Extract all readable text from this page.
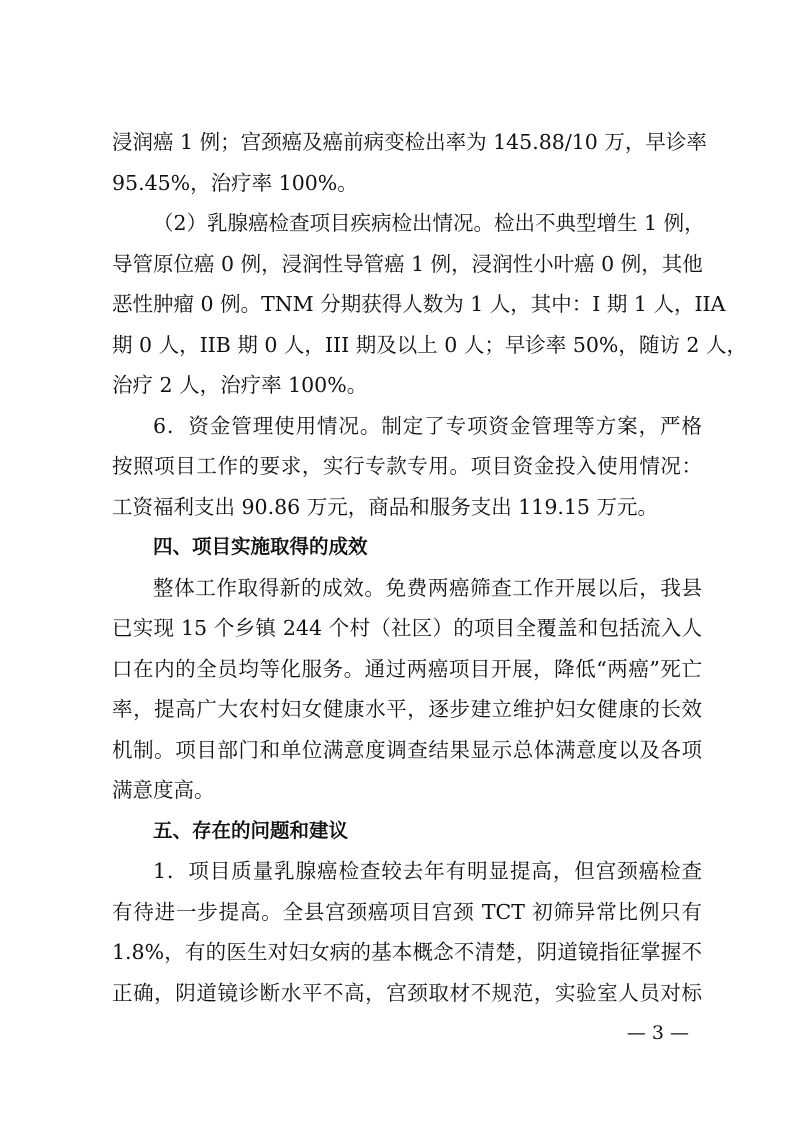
浸润癌 1 例；宫颈癌及癌前病变检出率为 145.88/10 万，早诊率
95.45%，治疗率 100%。
（2）乳腺癌检查项目疾病检出情况。检出不典型增生 1 例，
导管原位癌 0 例，浸润性导管癌 1 例，浸润性小叶癌 0 例，其他
恶性肿瘤 0 例。TNM 分期获得人数为 1 人，其中：I 期 1 人，IIA
期 0 人，IIB 期 0 人，III 期及以上 0 人；早诊率 50%，随访 2 人，
治疗 2 人，治疗率 100%。
6．资金管理使用情况。制定了专项资金管理等方案，严格
按照项目工作的要求，实行专款专用。项目资金投入使用情况：
工资福利支出 90.86 万元，商品和服务支出 119.15 万元。
四、项目实施取得的成效
整体工作取得新的成效。免费两癌筛查工作开展以后，我县
已实现 15 个乡镇 244 个村（社区）的项目全覆盖和包括流入人
口在内的全员均等化服务。通过两癌项目开展，降低“两癌”死亡
率，提高广大农村妇女健康水平，逐步建立维护妇女健康的长效
机制。项目部门和单位满意度调查结果显示总体满意度以及各项
满意度高。
五、存在的问题和建议
1．项目质量乳腺癌检查较去年有明显提高，但宫颈癌检查
有待进一步提高。全县宫颈癌项目宫颈 TCT 初筛异常比例只有
1.8%，有的医生对妇女病的基本概念不清楚，阴道镜指征掌握不
正确，阴道镜诊断水平不高，宫颈取材不规范，实验室人员对标
— 3 —
